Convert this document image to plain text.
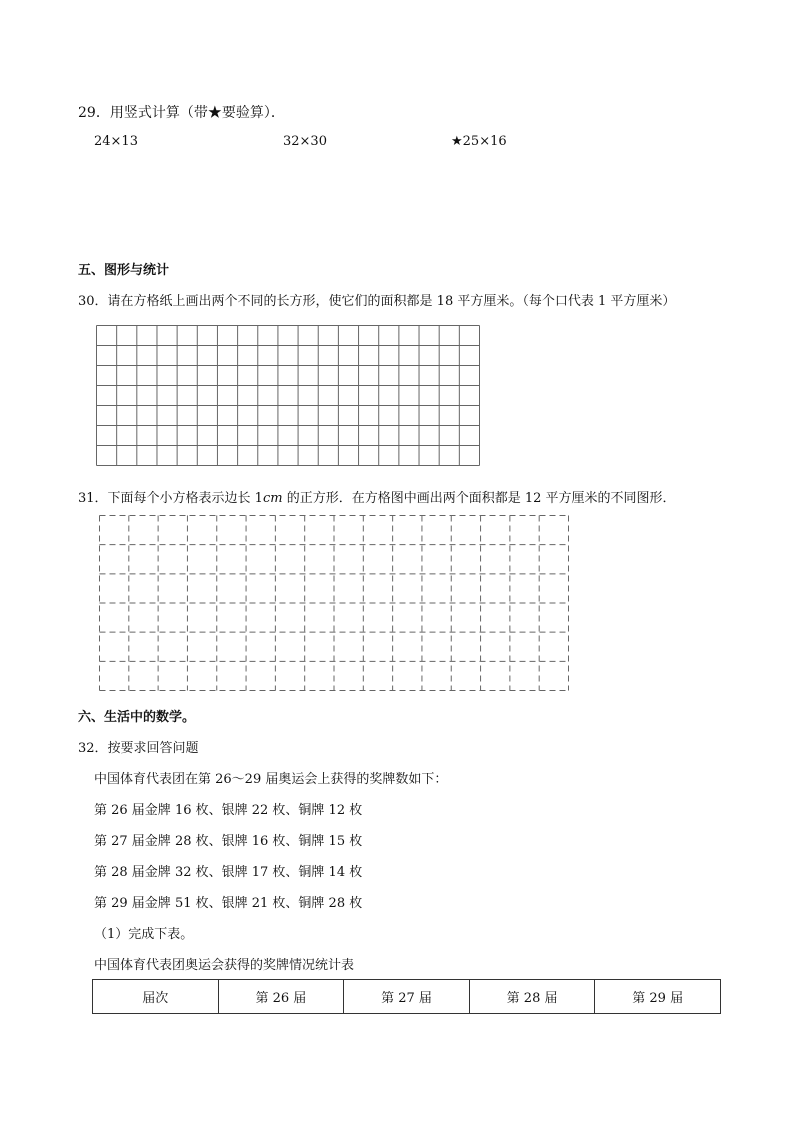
29．用竖式计算（带★要验算）．
24×13	32×30	★25×16
五、图形与统计
30．请在方格纸上画出两个不同的长方形，使它们的面积都是 18 平方厘米。（每个口代表 1 平方厘米）
31．下面每个小方格表示边长 1cm 的正方形．在方格图中画出两个面积都是 12 平方厘米的不同图形．
六、生活中的数学。
32．按要求回答问题
中国体育代表团在第 26～29 届奥运会上获得的奖牌数如下：
第 26 届金牌 16 枚、银牌 22 枚、铜牌 12 枚
第 27 届金牌 28 枚、银牌 16 枚、铜牌 15 枚
第 28 届金牌 32 枚、银牌 17 枚、铜牌 14 枚
第 29 届金牌 51 枚、银牌 21 枚、铜牌 28 枚
（1）完成下表。
中国体育代表团奥运会获得的奖牌情况统计表
届次	第 26 届	第 27 届	第 28 届	第 29 届
